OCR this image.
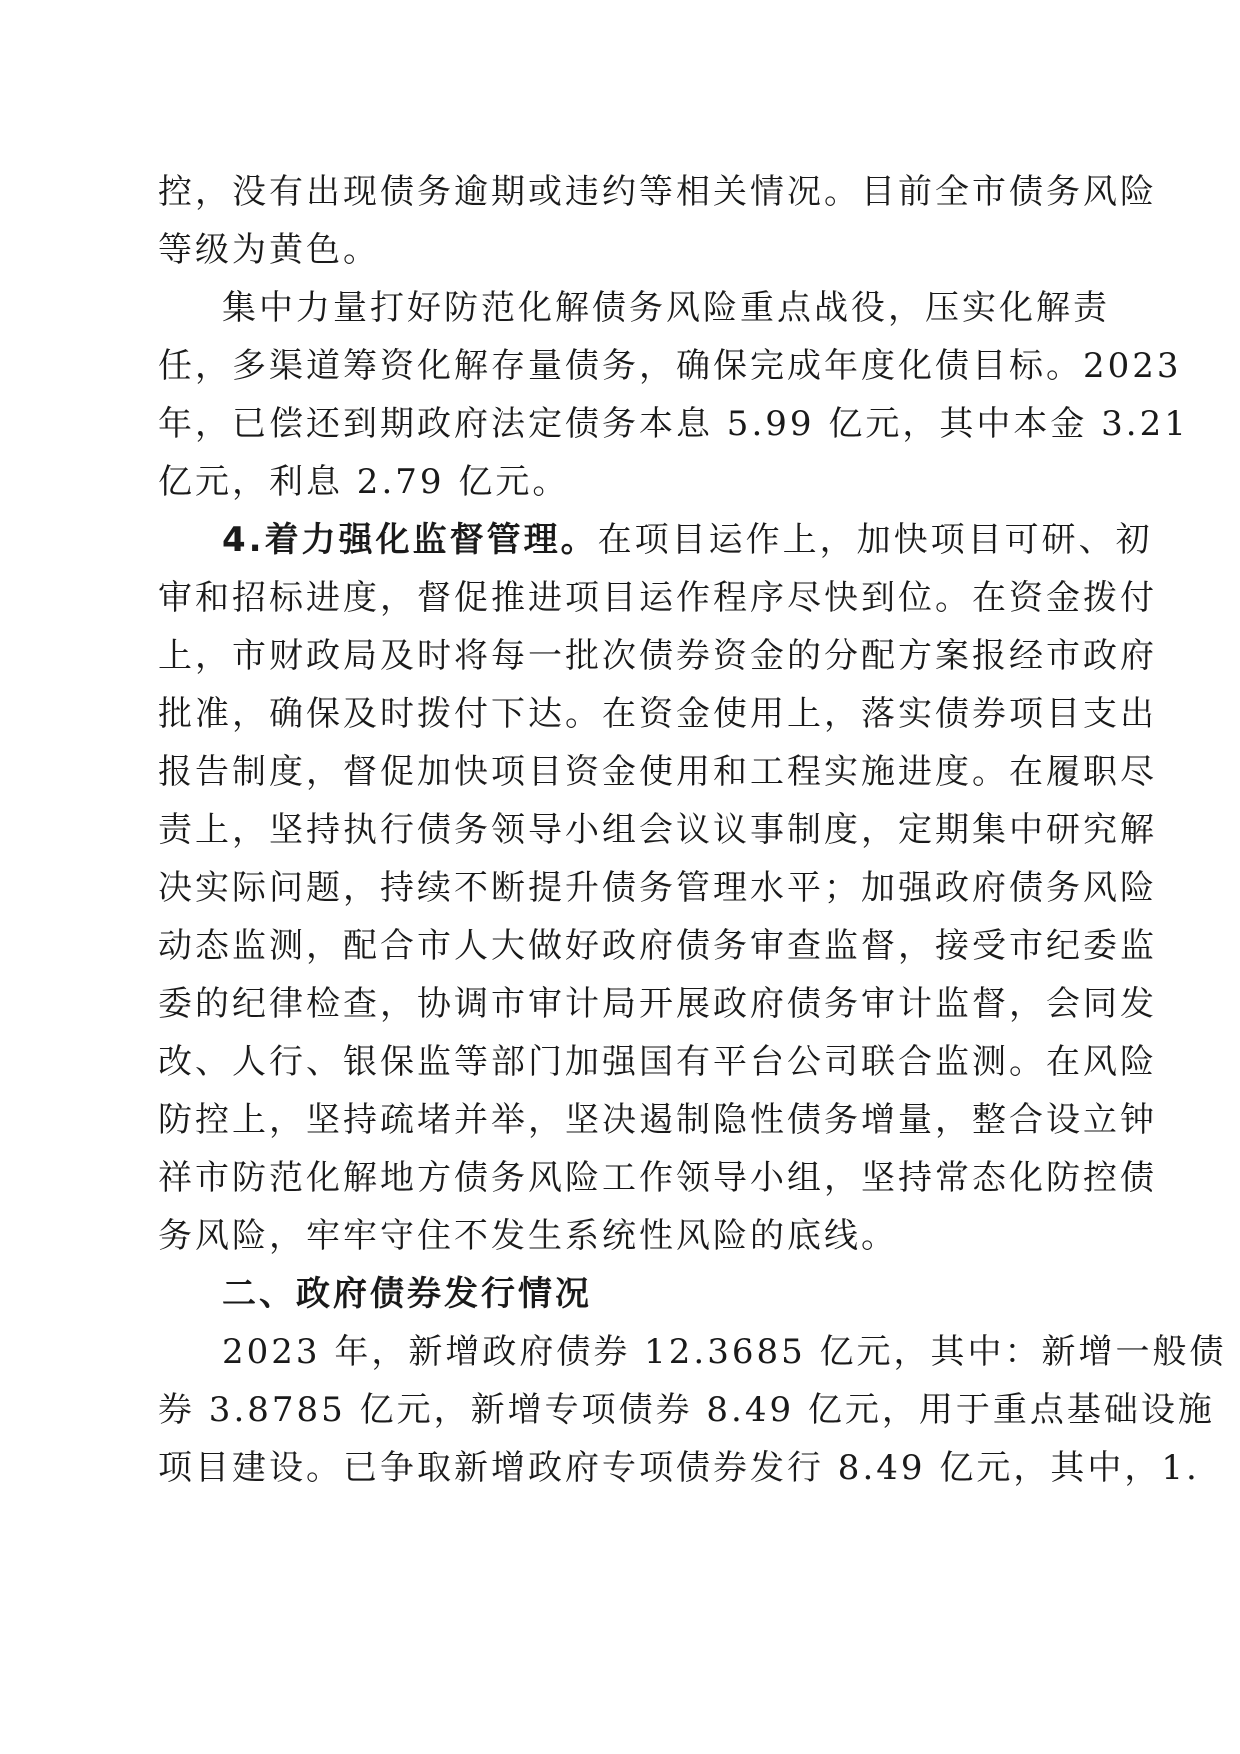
控，没有出现债务逾期或违约等相关情况。目前全市债务风险
等级为黄色。
集中力量打好防范化解债务风险重点战役，压实化解责
任，多渠道筹资化解存量债务，确保完成年度化债目标。2023
年，已偿还到期政府法定债务本息 5.99 亿元，其中本金 3.21
亿元，利息 2.79 亿元。
4.着力强化监督管理。在项目运作上，加快项目可研、初
审和招标进度，督促推进项目运作程序尽快到位。在资金拨付
上，市财政局及时将每一批次债券资金的分配方案报经市政府
批准，确保及时拨付下达。在资金使用上，落实债券项目支出
报告制度，督促加快项目资金使用和工程实施进度。在履职尽
责上，坚持执行债务领导小组会议议事制度，定期集中研究解
决实际问题，持续不断提升债务管理水平；加强政府债务风险
动态监测，配合市人大做好政府债务审查监督，接受市纪委监
委的纪律检查，协调市审计局开展政府债务审计监督，会同发
改、人行、银保监等部门加强国有平台公司联合监测。在风险
防控上，坚持疏堵并举，坚决遏制隐性债务增量，整合设立钟
祥市防范化解地方债务风险工作领导小组，坚持常态化防控债
务风险，牢牢守住不发生系统性风险的底线。
二、政府债券发行情况
2023 年，新增政府债券 12.3685 亿元，其中：新增一般债
券 3.8785 亿元，新增专项债券 8.49 亿元，用于重点基础设施
项目建设。已争取新增政府专项债券发行 8.49 亿元，其中，1.
